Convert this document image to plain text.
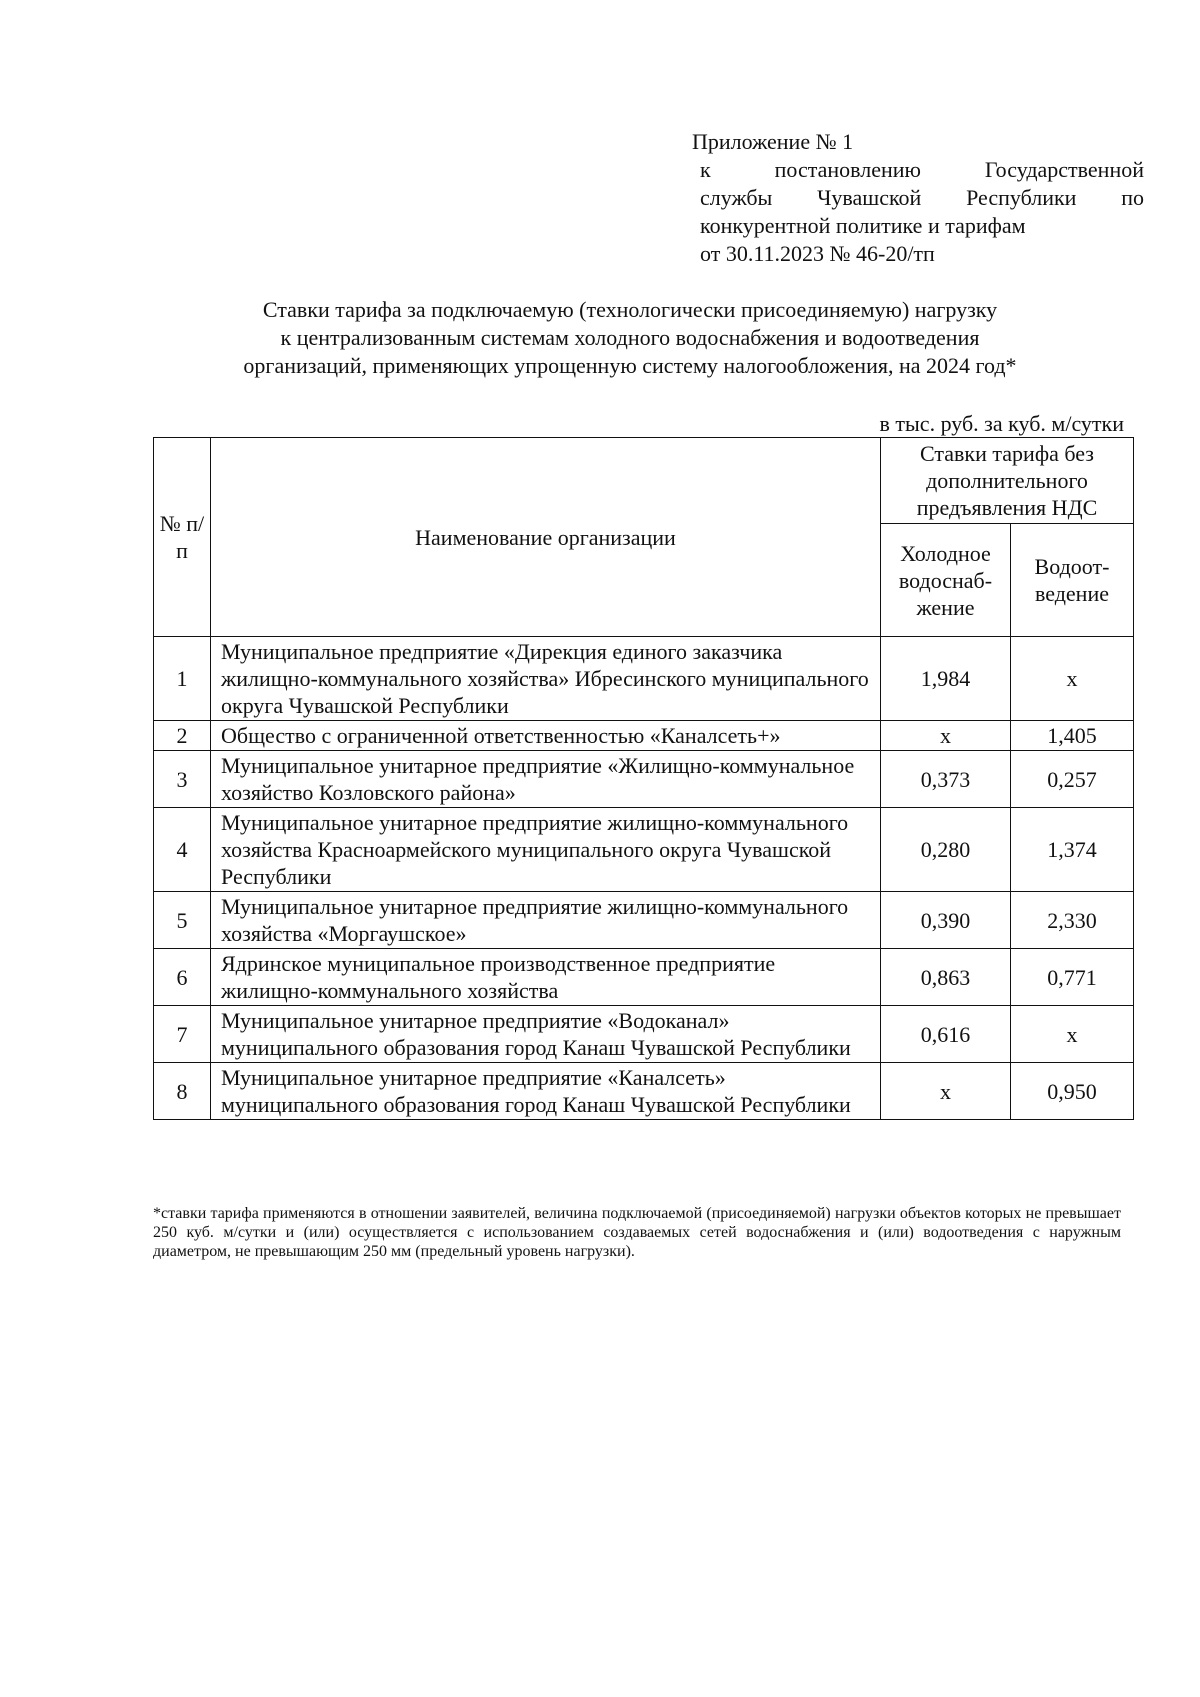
Приложение № 1
к постановлению Государственной
службы Чувашской Республики по
конкурентной политике и тарифам
от 30.11.2023 № 46-20/тп
Ставки тарифа за подключаемую (технологически присоединяемую) нагрузку
к централизованным системам холодного водоснабжения и водоотведения
организаций, применяющих упрощенную систему налогообложения, на 2024 год*
в тыс. руб. за куб. м/сутки
№ п/п	Наименование организации	Ставки тарифа без дополнительного предъявления НДС	
		Холодное водоснаб-жение	Водоот-ведение
1	Муниципальное предприятие «Дирекция единого заказчика жилищно-коммунального хозяйства» Ибресинского муниципального округа Чувашской Республики	1,984	х
2	Общество с ограниченной ответственностью «Каналсеть+»	х	1,405
3	Муниципальное унитарное предприятие «Жилищно-коммунальное хозяйство Козловского района»	0,373	0,257
4	Муниципальное унитарное предприятие жилищно-коммунального хозяйства Красноармейского муниципального округа Чувашской Республики	0,280	1,374
5	Муниципальное унитарное предприятие жилищно-коммунального хозяйства «Моргаушское»	0,390	2,330
6	Ядринское муниципальное производственное предприятие жилищно-коммунального хозяйства	0,863	0,771
7	Муниципальное унитарное предприятие «Водоканал» муниципального образования город Канаш Чувашской Республики	0,616	х
8	Муниципальное унитарное предприятие «Каналсеть» муниципального образования город Канаш Чувашской Республики	х	0,950
*ставки тарифа применяются в отношении заявителей, величина подключаемой (присоединяемой) нагрузки объектов которых не превышает 250 куб. м/сутки и (или) осуществляется с использованием создаваемых сетей водоснабжения и (или) водоотведения с наружным диаметром, не превышающим 250 мм (предельный уровень нагрузки).
